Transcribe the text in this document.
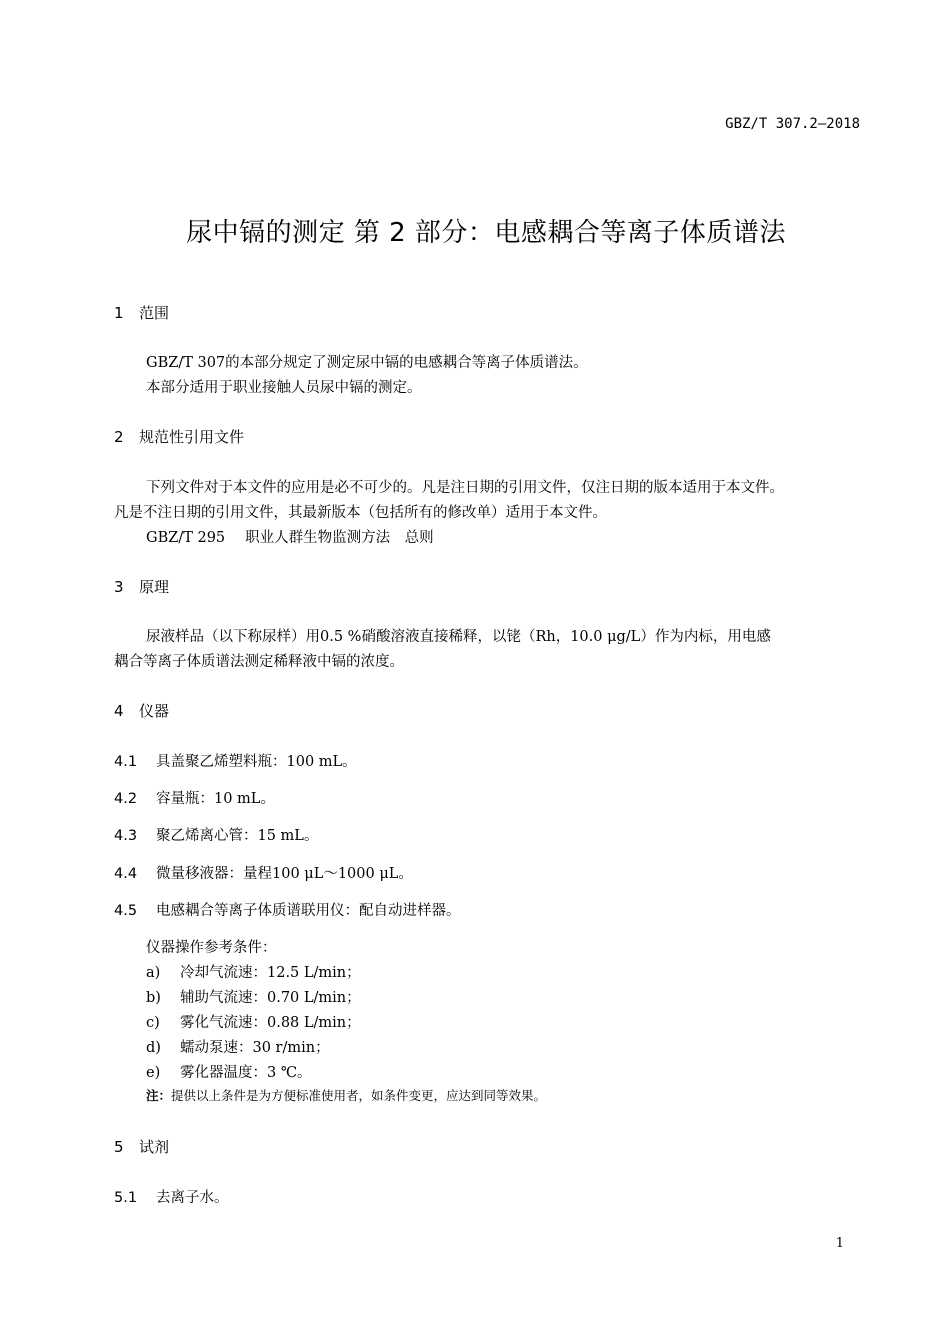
GBZ/T 307.2—2018
尿中镉的测定 第 2 部分：电感耦合等离子体质谱法
1 范围
GBZ/T 307的本部分规定了测定尿中镉的电感耦合等离子体质谱法。
本部分适用于职业接触人员尿中镉的测定。
2 规范性引用文件
下列文件对于本文件的应用是必不可少的。凡是注日期的引用文件，仅注日期的版本适用于本文件。
凡是不注日期的引用文件，其最新版本（包括所有的修改单）适用于本文件。
GBZ/T 295 职业人群生物监测方法　总则
3 原理
尿液样品（以下称尿样）用0.5 %硝酸溶液直接稀释，以铑（Rh，10.0 μg/L）作为内标，用电感
耦合等离子体质谱法测定稀释液中镉的浓度。
4 仪器
4.1 具盖聚乙烯塑料瓶：100 mL。
4.2 容量瓶：10 mL。
4.3 聚乙烯离心管：15 mL。
4.4 微量移液器：量程100 μL～1000 μL。
4.5 电感耦合等离子体质谱联用仪：配自动进样器。
仪器操作参考条件：
a) 冷却气流速：12.5 L/min；
b) 辅助气流速：0.70 L/min；
c) 雾化气流速：0.88 L/min；
d) 蠕动泵速：30 r/min；
e) 雾化器温度：3 ℃。
注：提供以上条件是为方便标准使用者，如条件变更，应达到同等效果。
5 试剂
5.1 去离子水。
1
